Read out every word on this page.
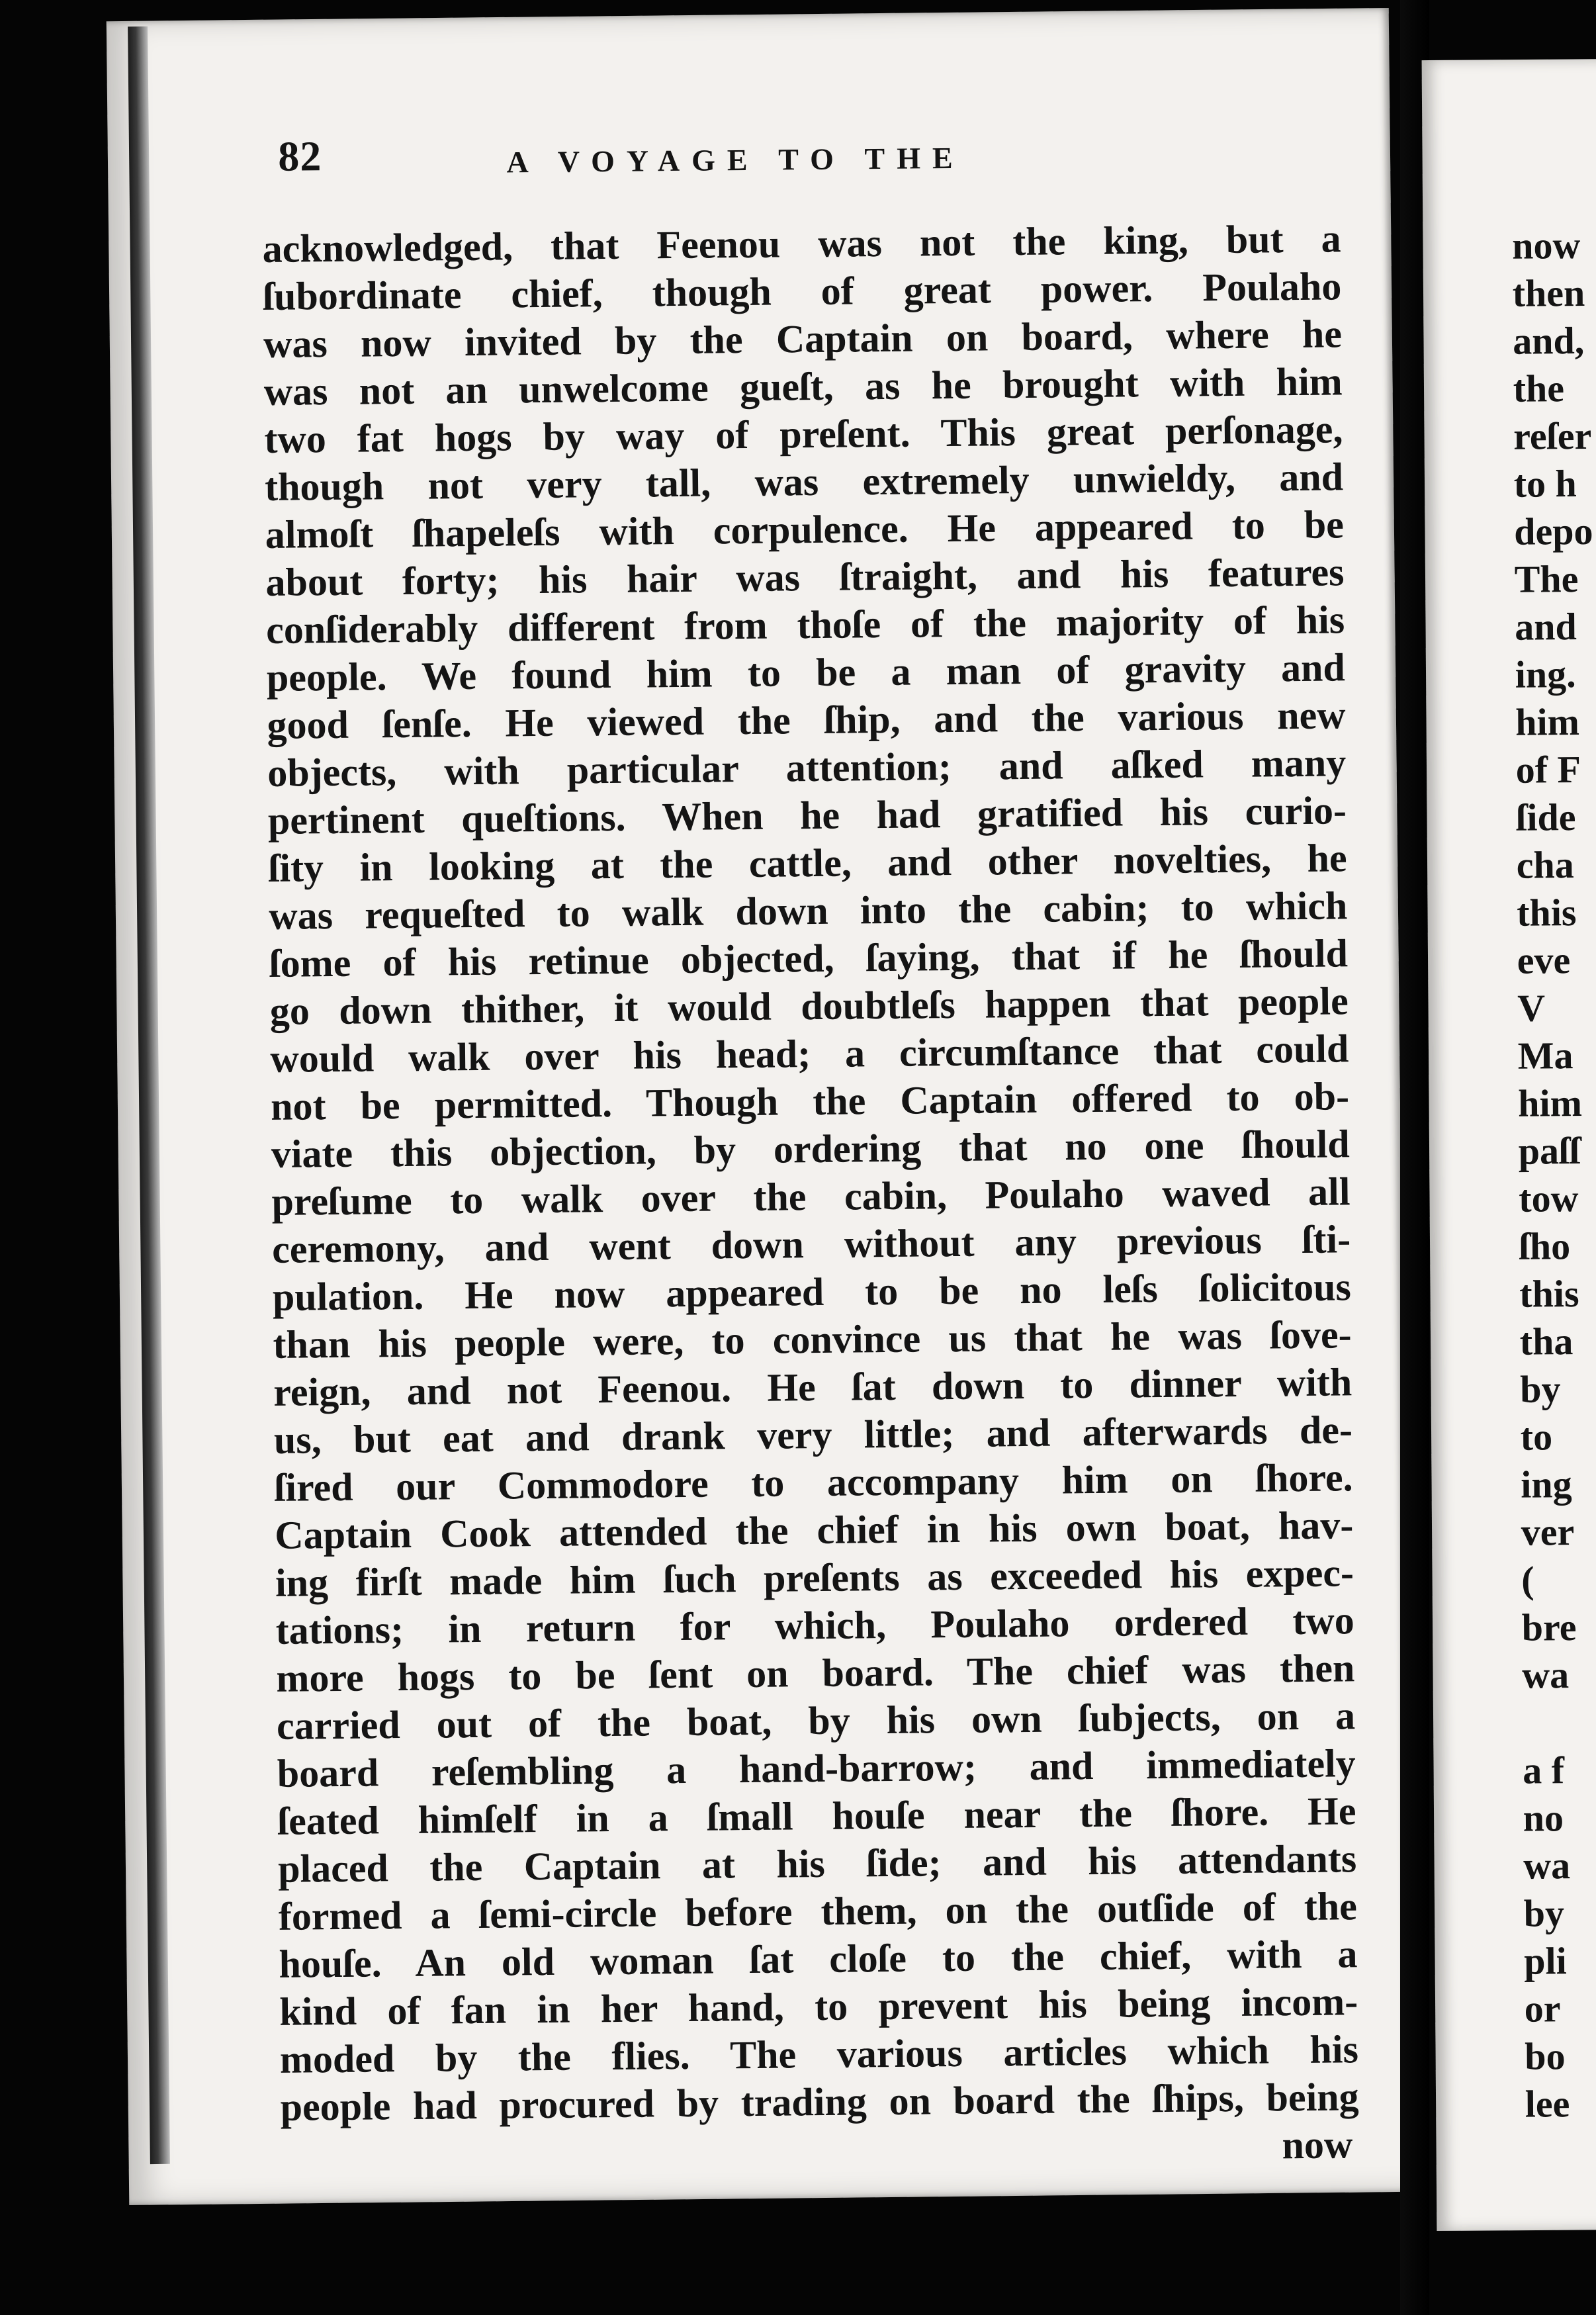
82	A VOYAGE TO THE
acknowledged, that Feenou was not the king, but a
ſubordinate chief, though of great power. Poulaho
was now invited by the Captain on board, where he
was not an unwelcome gueſt, as he brought with him
two fat hogs by way of preſent. This great perſonage,
though not very tall, was extremely unwieldy, and
almoſt ſhapeleſs with corpulence. He appeared to be
about forty; his hair was ſtraight, and his features
conſiderably different from thoſe of the majority of his
people. We found him to be a man of gravity and
good ſenſe. He viewed the ſhip, and the various new
objects, with particular attention; and aſked many
pertinent queſtions. When he had gratified his curio-
ſity in looking at the cattle, and other novelties, he
was requeſted to walk down into the cabin; to which
ſome of his retinue objected, ſaying, that if he ſhould
go down thither, it would doubtleſs happen that people
would walk over his head; a circumſtance that could
not be permitted. Though the Captain offered to ob-
viate this objection, by ordering that no one ſhould
preſume to walk over the cabin, Poulaho waved all
ceremony, and went down without any previous ſti-
pulation. He now appeared to be no leſs ſolicitous
than his people were, to convince us that he was ſove-
reign, and not Feenou. He ſat down to dinner with
us, but eat and drank very little; and afterwards de-
ſired our Commodore to accompany him on ſhore.
Captain Cook attended the chief in his own boat, hav-
ing firſt made him ſuch preſents as exceeded his expec-
tations; in return for which, Poulaho ordered two
more hogs to be ſent on board. The chief was then
carried out of the boat, by his own ſubjects, on a
board reſembling a hand-barrow; and immediately
ſeated himſelf in a ſmall houſe near the ſhore. He
placed the Captain at his ſide; and his attendants
formed a ſemi-circle before them, on the outſide of the
houſe. An old woman ſat cloſe to the chief, with a
kind of fan in her hand, to prevent his being incom-
moded by the flies. The various articles which his
people had procured by trading on board the ſhips, being
now
now
then
and,
the
reſer
to h
depo
The
and
ing.
him
of F
ſide
cha
this
eve
V
Ma
him
paſſ
tow
ſho
this
tha
by
to
ing
ver
(
bre
wa
a f
no
wa
by
pli
or
bo
lee
